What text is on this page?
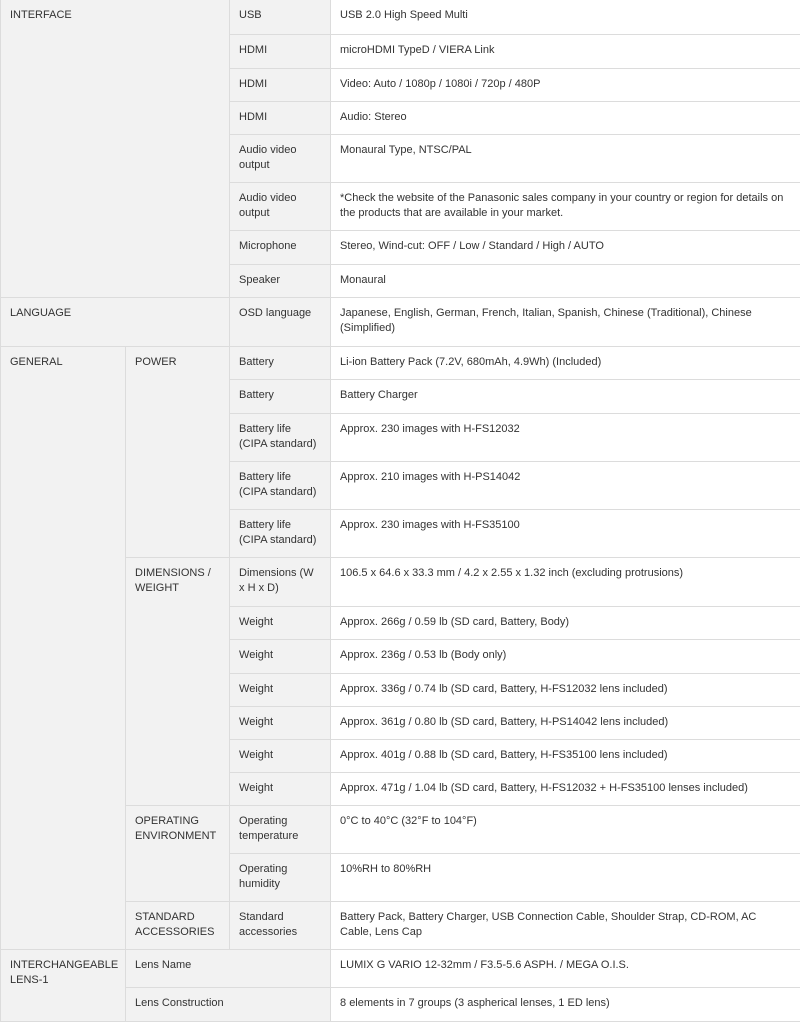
INTERFACE		USB	USB 2.0 High Speed Multi
		HDMI	microHDMI TypeD / VIERA Link
		HDMI	Video: Auto / 1080p / 1080i / 720p / 480P
		HDMI	Audio: Stereo
		Audio video output	Monaural Type, NTSC/PAL
		Audio video output	*Check the website of the Panasonic sales company in your country or region for details on the products that are available in your market.
		Microphone	Stereo, Wind-cut: OFF / Low / Standard / High / AUTO
		Speaker	Monaural
LANGUAGE		OSD language	Japanese, English, German, French, Italian, Spanish, Chinese (Traditional), Chinese (Simplified)
GENERAL	POWER	Battery	Li-ion Battery Pack (7.2V, 680mAh, 4.9Wh) (Included)
		Battery	Battery Charger
		Battery life (CIPA standard)	Approx. 230 images with H-FS12032
		Battery life (CIPA standard)	Approx. 210 images with H-PS14042
		Battery life (CIPA standard)	Approx. 230 images with H-FS35100
	DIMENSIONS / WEIGHT	Dimensions (W x H x D)	106.5 x 64.6 x 33.3 mm / 4.2 x 2.55 x 1.32 inch (excluding protrusions)
		Weight	Approx. 266g / 0.59 lb (SD card, Battery, Body)
		Weight	Approx. 236g / 0.53 lb (Body only)
		Weight	Approx. 336g / 0.74 lb (SD card, Battery, H-FS12032 lens included)
		Weight	Approx. 361g / 0.80 lb (SD card, Battery, H-PS14042 lens included)
		Weight	Approx. 401g / 0.88 lb (SD card, Battery, H-FS35100 lens included)
		Weight	Approx. 471g / 1.04 lb (SD card, Battery, H-FS12032 + H-FS35100 lenses included)
	OPERATING ENVIRONMENT	Operating temperature	0°C to 40°C (32°F to 104°F)
		Operating humidity	10%RH to 80%RH
	STANDARD ACCESSORIES	Standard accessories	Battery Pack, Battery Charger, USB Connection Cable, Shoulder Strap, CD-ROM, AC Cable, Lens Cap
INTERCHANGEABLE LENS-1	Lens Name		LUMIX G VARIO 12-32mm / F3.5-5.6 ASPH. / MEGA O.I.S.
	Lens Construction		8 elements in 7 groups (3 aspherical lenses, 1 ED lens)
